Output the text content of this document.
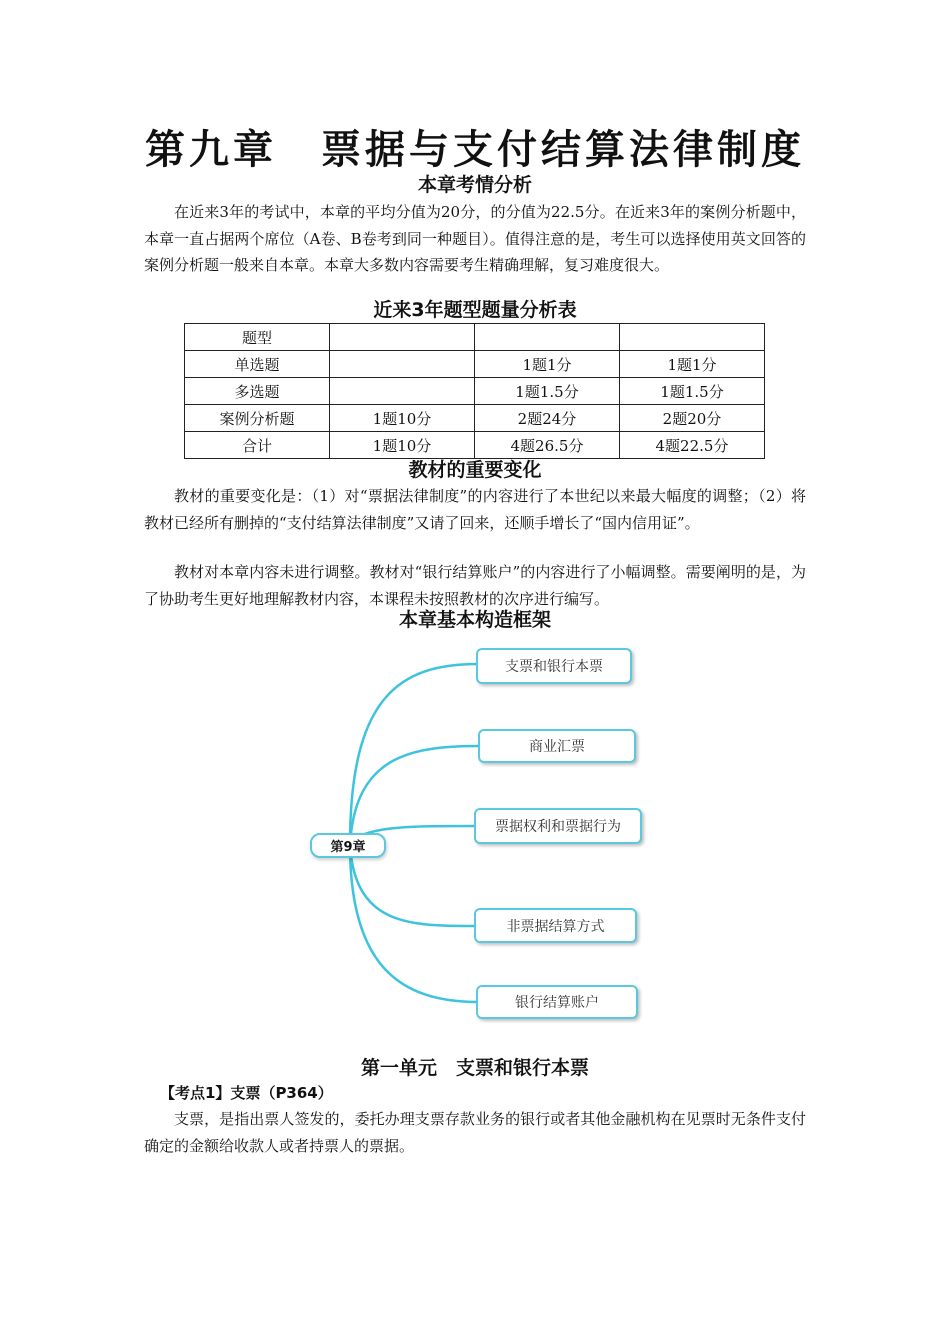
第九章　票据与支付结算法律制度
本章考情分析

在近来3年的考试中，本章的平均分值为20分，的分值为22.5分。在近来3年的案例分析题中，本章一直占据两个席位（A卷、B卷考到同一种题目）。值得注意的是，考生可以选择使用英文回答的案例分析题一般来自本章。本章大多数内容需要考生精确理解，复习难度很大。

近来3年题型题量分析表
题型			
单选题		1题1分	1题1分
多选题		1题1.5分	1题1.5分
案例分析题	1题10分	2题24分	2题20分
合计	1题10分	4题26.5分	4题22.5分
教材的重要变化

教材的重要变化是：（1）对“票据法律制度”的内容进行了本世纪以来最大幅度的调整；（2）将教材已经所有删掉的“支付结算法律制度”又请了回来，还顺手增长了“国内信用证”。

教材对本章内容未进行调整。教材对“银行结算账户”的内容进行了小幅调整。需要阐明的是，为了协助考生更好地理解教材内容，本课程未按照教材的次序进行编写。

本章基本构造框架
第9章
支票和银行本票
商业汇票
票据权利和票据行为
非票据结算方式
银行结算账户
第一单元　支票和银行本票
【考点1】支票（P364）

支票，是指出票人签发的，委托办理支票存款业务的银行或者其他金融机构在见票时无条件支付确定的金额给收款人或者持票人的票据。
